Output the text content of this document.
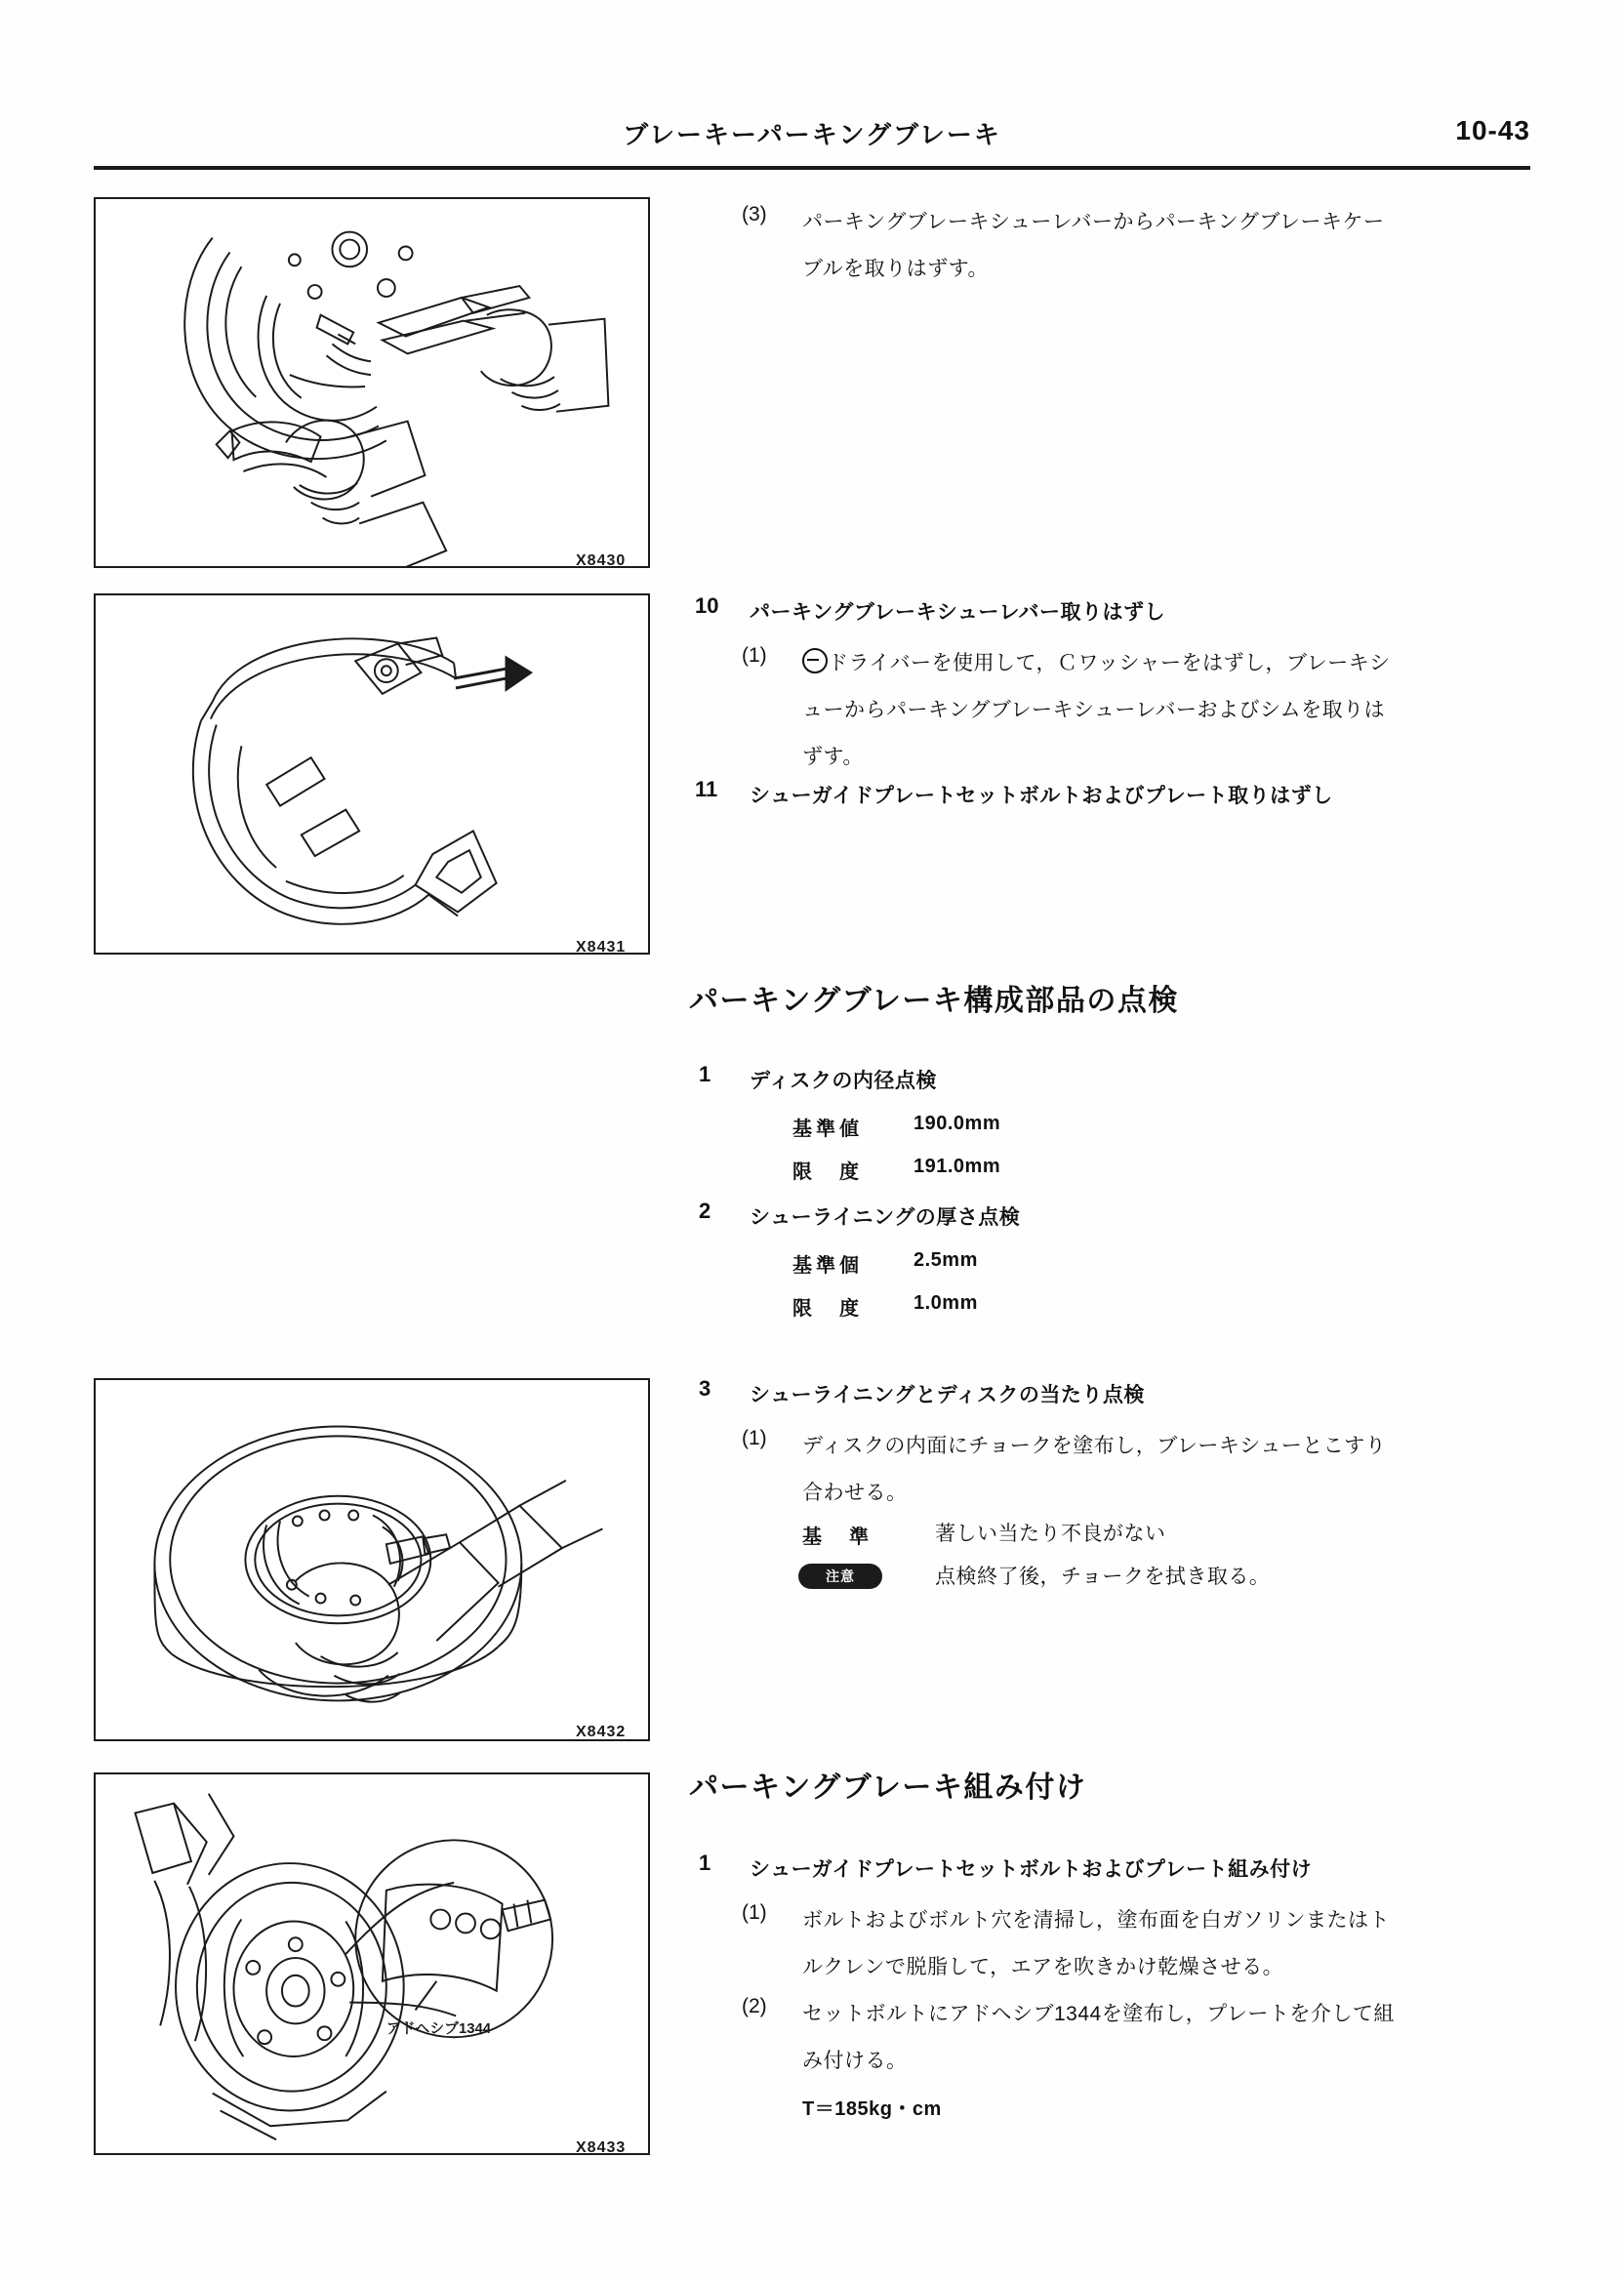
ブレーキーパーキングブレーキ	10-43
X8430
X8431
X8432
アドヘシブ1344
X8433
(3) パーキングブレーキシューレバーからパーキングブレーキケー
ブルを取りはずす。
10 パーキングブレーキシューレバー取りはずし
(1)	ドライバーを使用して，Ｃワッシャーをはずし，ブレーキシ
ューからパーキングブレーキシューレバーおよびシムを取りは
ずす。
11 シューガイドプレートセットボルトおよびプレート取りはずし
パーキングブレーキ構成部品の点検
1 ディスクの内径点検
基準値	190.0mm
限　度	191.0mm
2 シューライニングの厚さ点検
基準個	2.5mm
限　度	1.0mm
3 シューライニングとディスクの当たり点検
(1) ディスクの内面にチョークを塗布し，ブレーキシューとこすり
合わせる。
基　準	著しい当たり不良がない
注意	点検終了後，チョークを拭き取る。
パーキングブレーキ組み付け
1 シューガイドプレートセットボルトおよびプレート組み付け
(1) ボルトおよびボルト穴を清掃し，塗布面を白ガソリンまたはト
ルクレンで脱脂して，エアを吹きかけ乾燥させる。
(2) セットボルトにアドヘシブ1344を塗布し，プレートを介して組
み付ける。
T＝185kg・cm
